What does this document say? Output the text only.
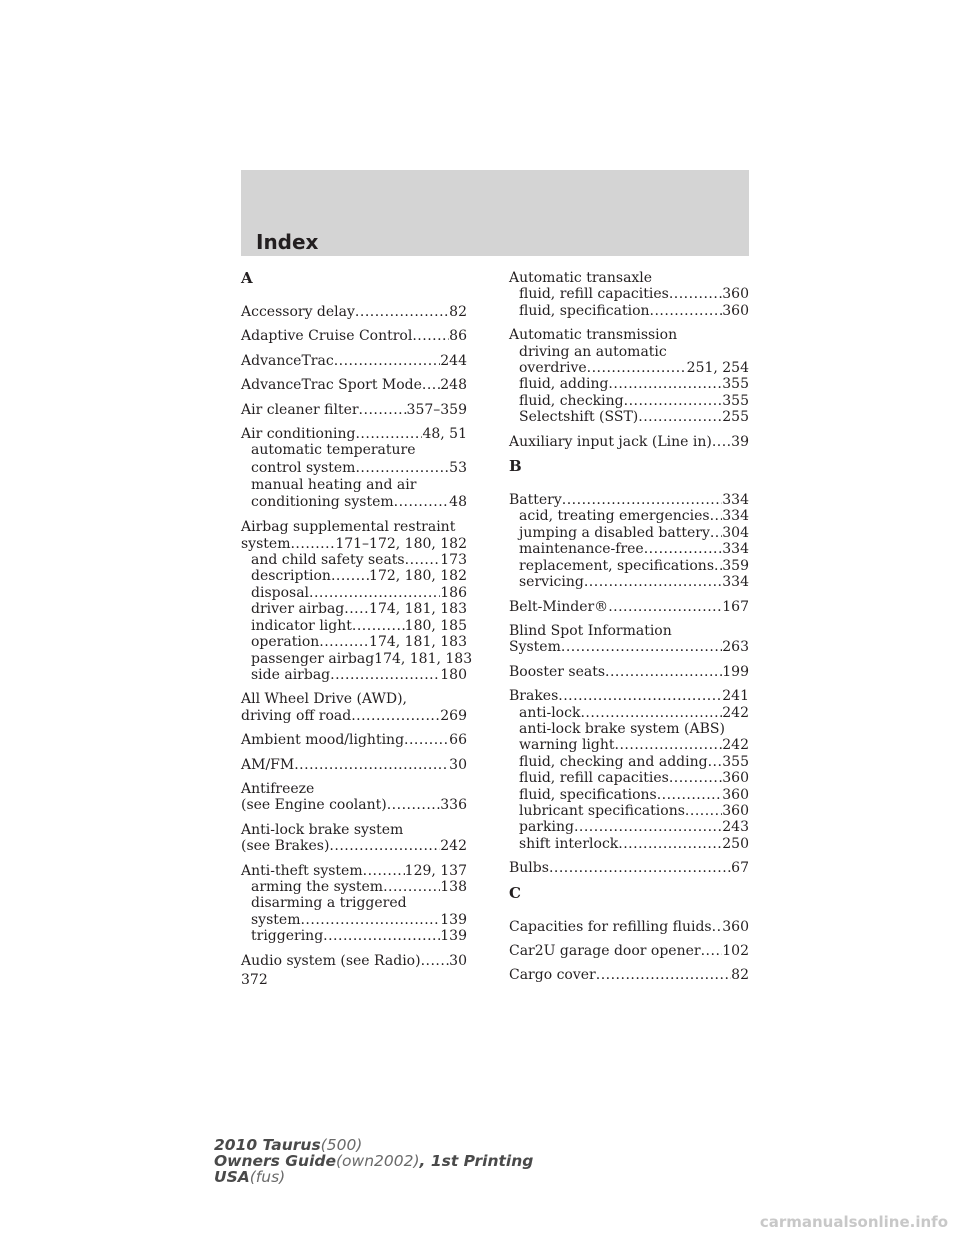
Index
A
Accessory delay .....	82
Adaptive Cruise Control .....	86
AdvanceTrac .....	244
AdvanceTrac Sport Mode ..... 248
Air cleaner filter .....	357–359
Air conditioning .....	48, 51
automatic temperature
control system .....	53
manual heating and air
conditioning system .....	48
Airbag supplemental restraint
system .....	171–172, 180, 182
and child safety seats .....	173
description .....	172, 180, 182
disposal .....	186
driver airbag ..... 174, 181, 183
indicator light .....	180, 185
operation .....	174, 181, 183
passenger airbag 174, 181, 183
side airbag .....	180
All Wheel Drive (AWD),
driving off road .....	269
Ambient mood/lighting .....	66
AM/FM .....	30
Antifreeze
(see Engine coolant) .....	336
Anti-lock brake system
(see Brakes) .....	242
Anti-theft system .....	129, 137
arming the system .....	138
disarming a triggered
system .....	139
triggering .....	139
Audio system (see Radio) ..... 30
Automatic transaxle
fluid, refill capacities .....	360
fluid, specification .....	360
Automatic transmission
driving an automatic
overdrive .....	251, 254
fluid, adding .....	355
fluid, checking .....	355
Selectshift (SST) .....	255
Auxiliary input jack (Line in) ..... 39
B
Battery .....	334
acid, treating emergencies ..... 334
jumping a disabled battery ..... 304
maintenance-free .....	334
replacement, specifications ..... 359
servicing .....	334
Belt-Minder® .....	167
Blind Spot Information
System .....	263
Booster seats .....	199
Brakes .....	241
anti-lock .....	242
anti-lock brake system (ABS)
warning light .....	242
fluid, checking and adding ..... 355
fluid, refill capacities .....	360
fluid, specifications .....	360
lubricant specifications .....	360
parking .....	243
shift interlock .....	250
Bulbs .....	67
C
Capacities for refilling fluids ..... 360
Car2U garage door opener ..... 102
Cargo cover .....	82
372
2010 Taurus(500)
Owners Guide(own2002), 1st Printing
USA(fus)
carmanualsonline.info
